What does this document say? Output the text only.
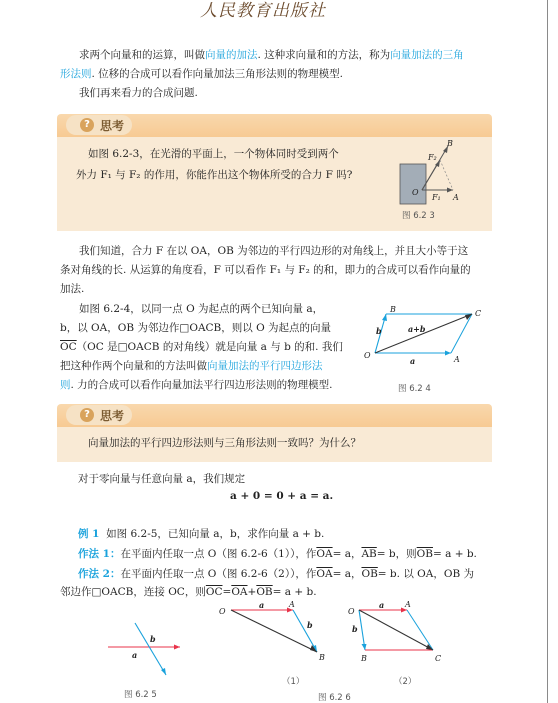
人民教育出版社
求两个向量和的运算，叫做向量的加法. 这种求向量和的方法，称为向量加法的三角
形法则. 位移的合成可以看作向量加法三角形法则的物理模型.
我们再来看力的合成问题.
? 思考
如图 6.2-3，在光滑的平面上，一个物体同时受到两个
外力 F₁ 与 F₂ 的作用，你能作出这个物体所受的合力 F 吗?
B
F₂
O
F₁ A
图 6.2 3
我们知道，合力 F 在以 OA，OB 为邻边的平行四边形的对角线上，并且大小等于这
条对角线的长. 从运算的角度看，F 可以看作 F₁ 与 F₂ 的和，即力的合成可以看作向量的
加法.
如图 6.2-4，以同一点 O 为起点的两个已知向量 a，
b，以 OA，OB 为邻边作□OACB，则以 O 为起点的向量
$\overline{OC}(OC$ 是□OACB 的对角线）就是向量 a 与 b 的和. 我们
把这种作两个向量和的方法叫做向量加法的平行四边形法
则. 力的合成可以看作向量加法平行四边形法则的物理模型.
B	C
O	A
b
a
a+b
图 6.2 4
? 思考
向量加法的平行四边形法则与三角形法则一致吗？为什么？
对于零向量与任意向量 a，我们规定
a + 0 = 0 + a = a.
例 1 如图 6.2-5，已知向量 a，b，求作向量 a + b.
作法 1：在平面内任取一点 O（图 6.2-6（1）），作$\overline{OA}= a$，$\overline{AB}= b$，则$\overline{OB}= a + b$.
作法 2：在平面内任取一点 O（图 6.2-6（2）），作$\overline{OA}= a$，$\overline{OB}= b$. 以 OA，OB 为
邻边作□OACB，连接 OC，则$\overline{OC}=\overline{OA}+\overline{OB}= a + b$.
a
b
图 6.2 5
O
A
B
a
b
（1）
O
A
B	C
a
b
（2）
图 6.2 6
